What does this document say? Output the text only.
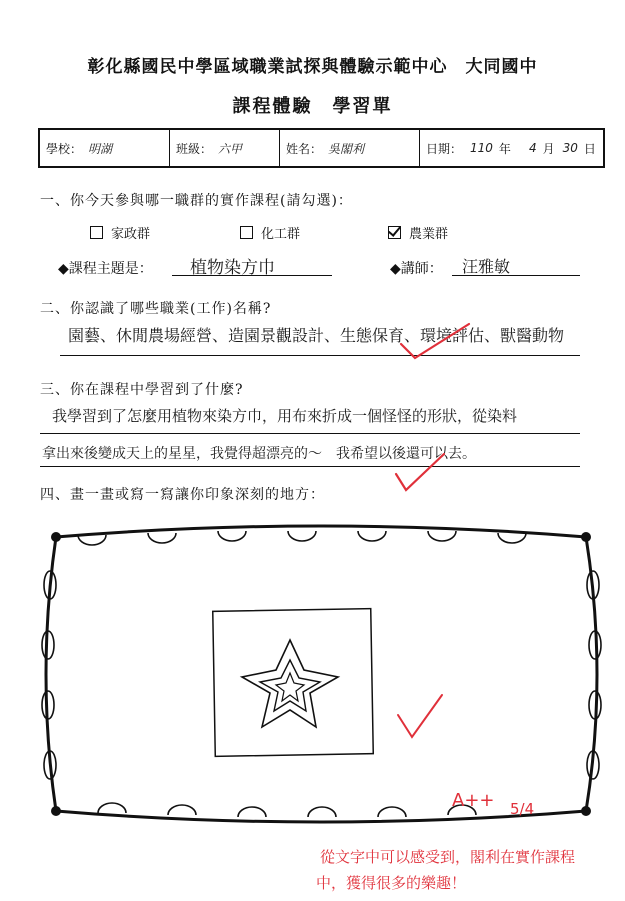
彰化縣國民中學區域職業試探與體驗示範中心　大同國中
課程體驗　學習單
學校： 明湖	班級： 六甲	姓名： 吳閣利	日期： 110 年 4 月 30 日
一、你今天參與哪一職群的實作課程(請勾選)：
家政群	化工群	農業群
◆課程主題是： 植物染方巾	◆講師： 汪雅敏
二、你認識了哪些職業(工作)名稱?
園藝、休閒農場經營、造園景觀設計、生態保育、環境評估、獸醫動物
三、你在課程中學習到了什麼?
我學習到了怎麼用植物來染方巾，用布來折成一個怪怪的形狀，從染料
拿出來後變成天上的星星，我覺得超漂亮的～　我希望以後還可以去。
四、畫一畫或寫一寫讓你印象深刻的地方：
A++ 5/4
從文字中可以感受到，閣利在實作課程
中，獲得很多的樂趣！
